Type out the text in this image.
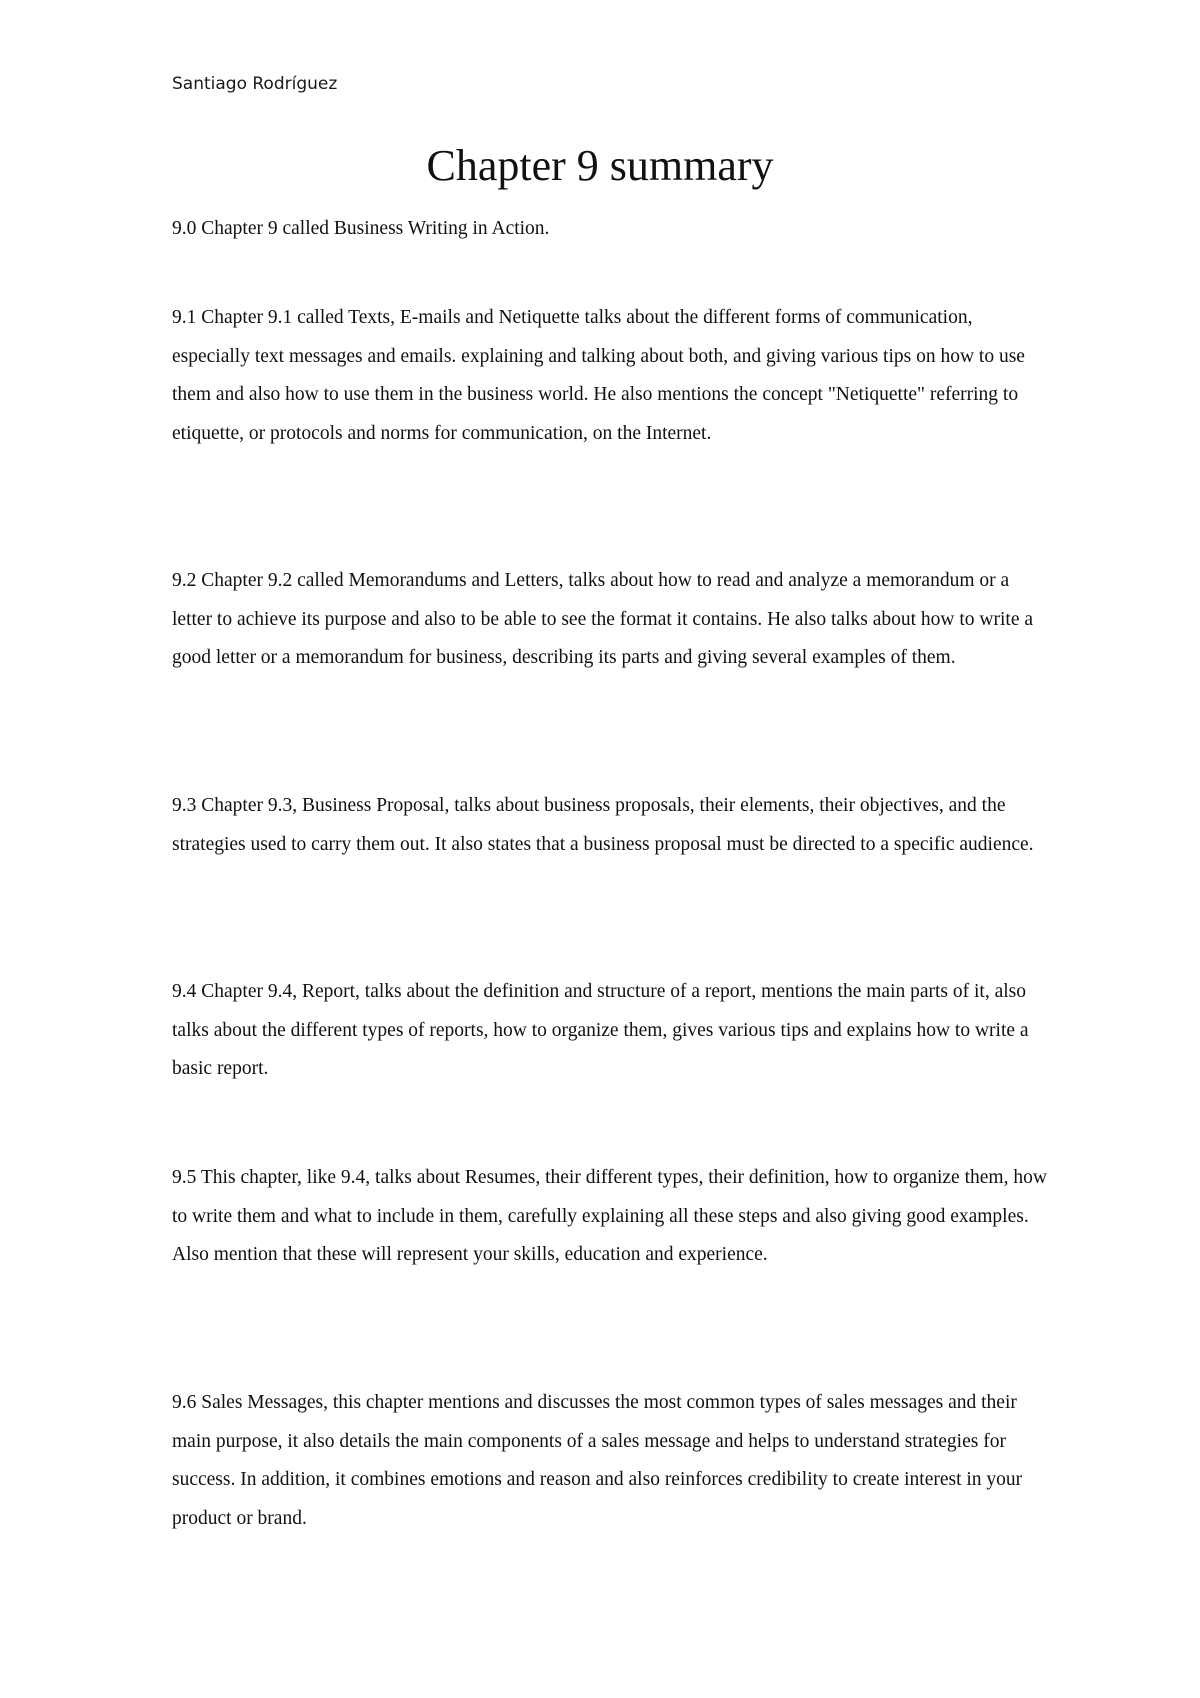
Santiago Rodríguez
Chapter 9 summary

9.0 Chapter 9 called Business Writing in Action.

9.1 Chapter 9.1 called Texts, E-mails and Netiquette talks about the different forms of communication, especially text messages and emails. explaining and talking about both, and giving various tips on how to use them and also how to use them in the business world. He also mentions the concept "Netiquette" referring to etiquette, or protocols and norms for communication, on the Internet.

9.2 Chapter 9.2 called Memorandums and Letters, talks about how to read and analyze a memorandum or a letter to achieve its purpose and also to be able to see the format it contains. He also talks about how to write a good letter or a memorandum for business, describing its parts and giving several examples of them.

9.3 Chapter 9.3, Business Proposal, talks about business proposals, their elements, their objectives, and the strategies used to carry them out. It also states that a business proposal must be directed to a specific audience.

9.4 Chapter 9.4, Report, talks about the definition and structure of a report, mentions the main parts of it, also talks about the different types of reports, how to organize them, gives various tips and explains how to write a basic report.

9.5 This chapter, like 9.4, talks about Resumes, their different types, their definition, how to organize them, how to write them and what to include in them, carefully explaining all these steps and also giving good examples. Also mention that these will represent your skills, education and experience.

9.6 Sales Messages, this chapter mentions and discusses the most common types of sales messages and their main purpose, it also details the main components of a sales message and helps to understand strategies for success. In addition, it combines emotions and reason and also reinforces credibility to create interest in your product or brand.
